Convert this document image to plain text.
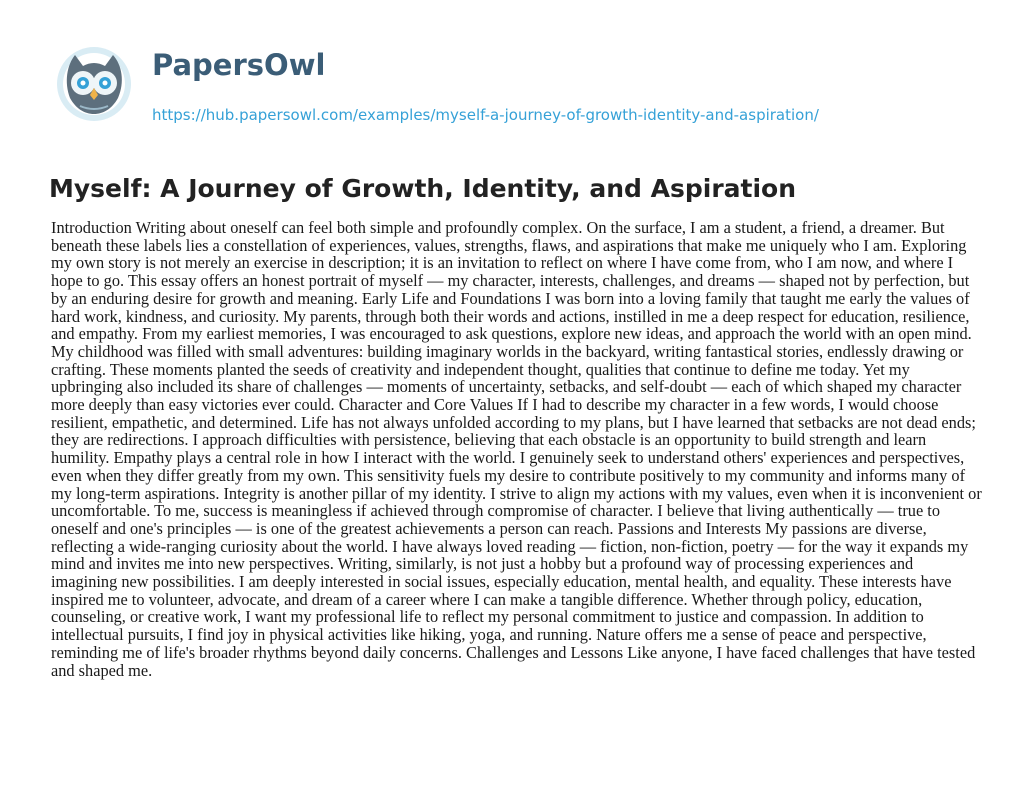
PapersOwl
https://hub.papersowl.com/examples/myself-a-journey-of-growth-identity-and-aspiration/
Myself: A Journey of Growth, Identity, and Aspiration
Introduction Writing about oneself can feel both simple and profoundly complex. On the surface, I am a student, a friend, a dreamer. But beneath these labels lies a constellation of experiences, values, strengths, flaws, and aspirations that make me uniquely who I am. Exploring my own story is not merely an exercise in description; it is an invitation to reflect on where I have come from, who I am now, and where I hope to go. This essay offers an honest portrait of myself — my character, interests, challenges, and dreams — shaped not by perfection, but by an enduring desire for growth and meaning. Early Life and Foundations I was born into a loving family that taught me early the values of hard work, kindness, and curiosity. My parents, through both their words and actions, instilled in me a deep respect for education, resilience, and empathy. From my earliest memories, I was encouraged to ask questions, explore new ideas, and approach the world with an open mind. My childhood was filled with small adventures: building imaginary worlds in the backyard, writing fantastical stories, endlessly drawing or crafting. These moments planted the seeds of creativity and independent thought, qualities that continue to define me today. Yet my upbringing also included its share of challenges — moments of uncertainty, setbacks, and self-doubt — each of which shaped my character more deeply than easy victories ever could. Character and Core Values If I had to describe my character in a few words, I would choose resilient, empathetic, and determined. Life has not always unfolded according to my plans, but I have learned that setbacks are not dead ends; they are redirections. I approach difficulties with persistence, believing that each obstacle is an opportunity to build strength and learn humility. Empathy plays a central role in how I interact with the world. I genuinely seek to understand others' experiences and perspectives, even when they differ greatly from my own. This sensitivity fuels my desire to contribute positively to my community and informs many of my long-term aspirations. Integrity is another pillar of my identity. I strive to align my actions with my values, even when it is inconvenient or uncomfortable. To me, success is meaningless if achieved through compromise of character. I believe that living authentically — true to oneself and one's principles — is one of the greatest achievements a person can reach. Passions and Interests My passions are diverse, reflecting a wide-ranging curiosity about the world. I have always loved reading — fiction, non-fiction, poetry — for the way it expands my mind and invites me into new perspectives. Writing, similarly, is not just a hobby but a profound way of processing experiences and imagining new possibilities. I am deeply interested in social issues, especially education, mental health, and equality. These interests have inspired me to volunteer, advocate, and dream of a career where I can make a tangible difference. Whether through policy, education, counseling, or creative work, I want my professional life to reflect my personal commitment to justice and compassion. In addition to intellectual pursuits, I find joy in physical activities like hiking, yoga, and running. Nature offers me a sense of peace and perspective, reminding me of life's broader rhythms beyond daily concerns. Challenges and Lessons Like anyone, I have faced challenges that have tested and shaped me.
